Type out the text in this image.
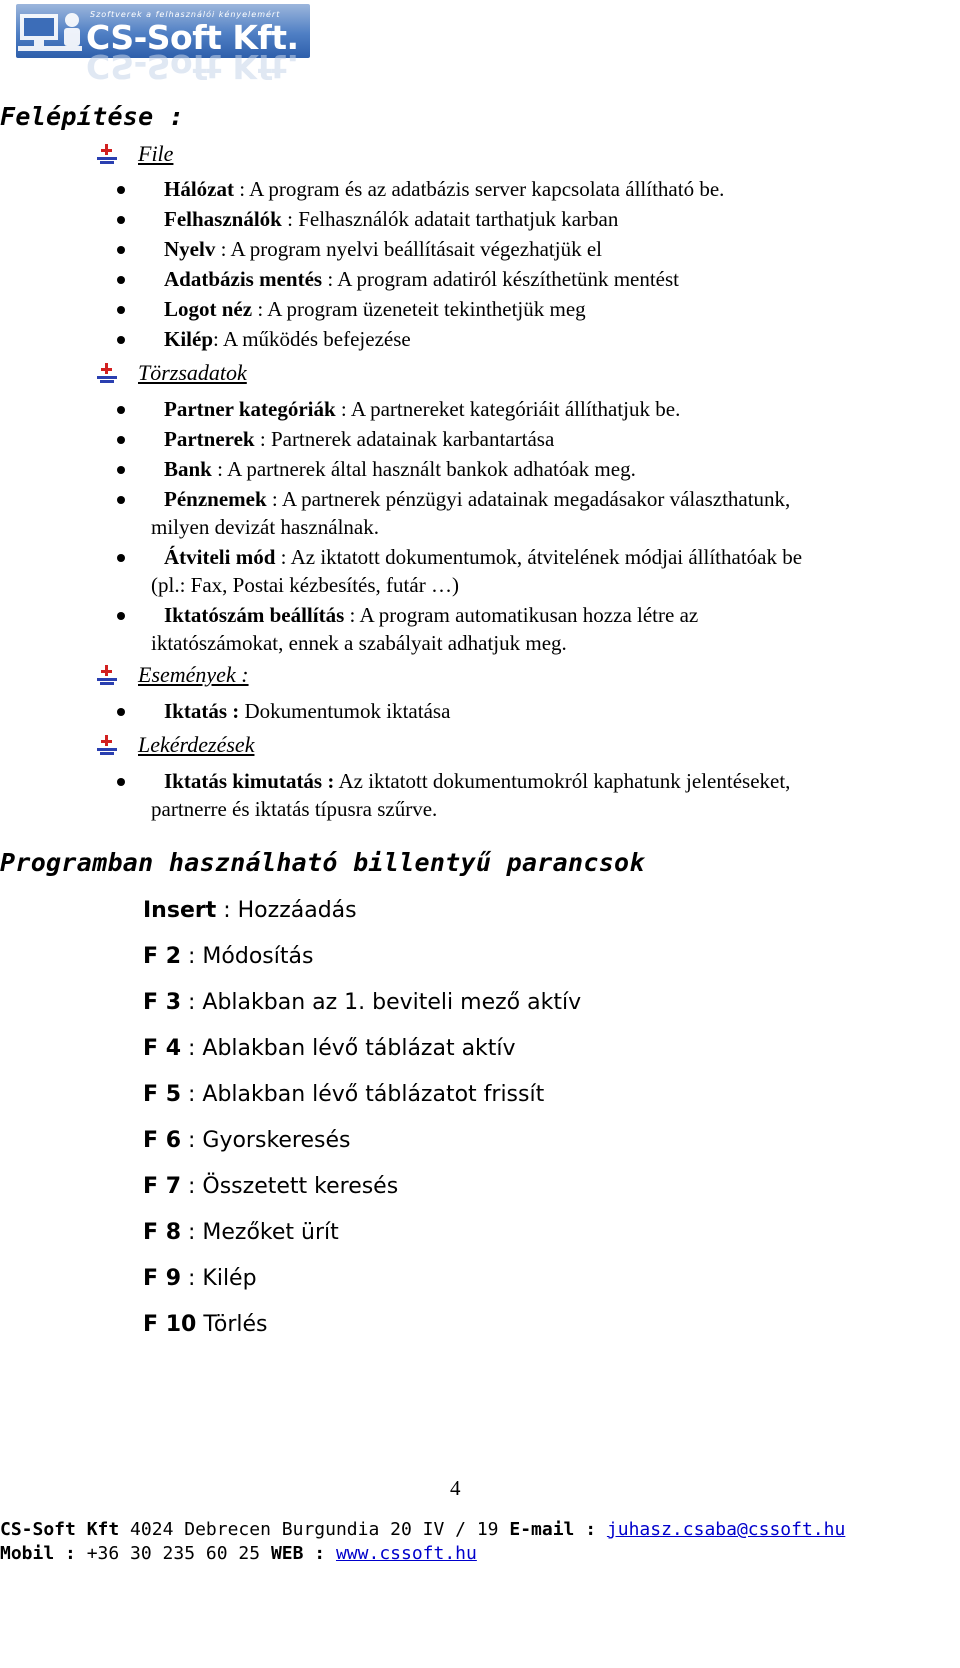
Szoftverek a felhasználói kényelemért
CS-Soft Kft.
CS-Soft Kft.
Felépítése :
File
Hálózat : A program és az adatbázis server kapcsolata állítható be.
Felhasználók : Felhasználók adatait tarthatjuk karban
Nyelv : A program nyelvi beállításait végezhatjük el
Adatbázis mentés : A program adatiról készíthetünk mentést
Logot néz : A program üzeneteit tekinthetjük meg
Kilép: A működés befejezése
Törzsadatok
Partner kategóriák : A partnereket kategóriáit állíthatjuk be.
Partnerek : Partnerek adatainak karbantartása
Bank : A partnerek által használt bankok adhatóak meg.
Pénznemek : A partnerek pénzügyi adatainak megadásakor választhatunk,
milyen devizát használnak.
Átviteli mód : Az iktatott dokumentumok, átvitelének módjai állíthatóak be
(pl.: Fax, Postai kézbesítés, futár …)
Iktatószám beállítás : A program automatikusan hozza létre az
iktatószámokat, ennek a szabályait adhatjuk meg.
Események :
Iktatás : Dokumentumok iktatása
Lekérdezések
Iktatás kimutatás : Az iktatott dokumentumokról kaphatunk jelentéseket,
partnerre és iktatás típusra szűrve.
Programban használható billentyű parancsok
Insert : Hozzáadás
F 2 : Módosítás
F 3 : Ablakban az 1. beviteli mező aktív
F 4 : Ablakban lévő táblázat aktív
F 5 : Ablakban lévő táblázatot frissít
F 6 : Gyorskeresés
F 7 : Összetett keresés
F 8 : Mezőket ürít
F 9 : Kilép
F 10 Törlés
4
CS-Soft Kft 4024 Debrecen Burgundia 20 IV / 19 E-mail : juhasz.csaba@cssoft.hu
Mobil : +36 30 235 60 25 WEB : www.cssoft.hu
